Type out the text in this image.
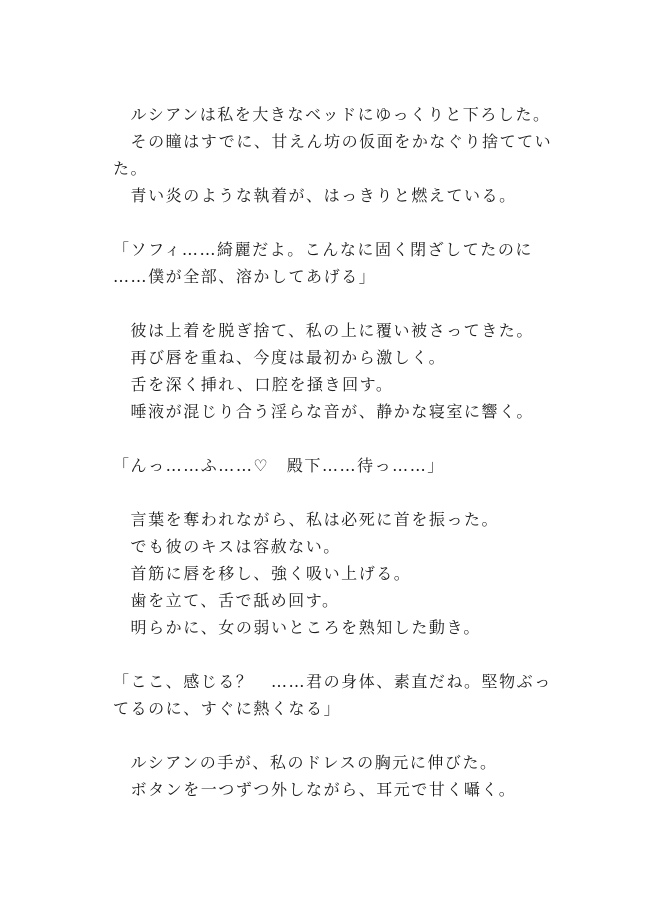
　ルシアンは私を大きなベッドにゆっくりと下ろした。
　その瞳はすでに、甘えん坊の仮面をかなぐり捨ててい
た。
　青い炎のような執着が、はっきりと燃えている。
「ソフィ……綺麗だよ。こんなに固く閉ざしてたのに
……僕が全部、溶かしてあげる」
　彼は上着を脱ぎ捨て、私の上に覆い被さってきた。
　再び唇を重ね、今度は最初から激しく。
　舌を深く挿れ、口腔を掻き回す。
　唾液が混じり合う淫らな音が、静かな寝室に響く。
「んっ……ふ……♡　殿下……待っ……」
　言葉を奪われながら、私は必死に首を振った。
　でも彼のキスは容赦ない。
　首筋に唇を移し、強く吸い上げる。
　歯を立て、舌で舐め回す。
　明らかに、女の弱いところを熟知した動き。
「ここ、感じる？　……君の身体、素直だね。堅物ぶっ
てるのに、すぐに熱くなる」
　ルシアンの手が、私のドレスの胸元に伸びた。
　ボタンを一つずつ外しながら、耳元で甘く囁く。
